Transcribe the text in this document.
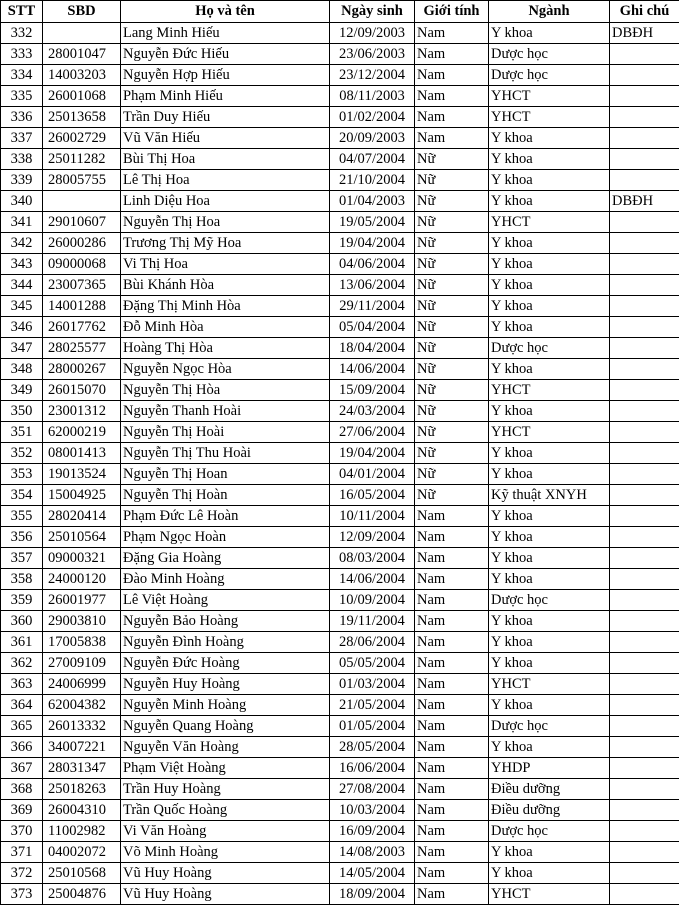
STT	SBD	Họ và tên	Ngày sinh	Giới tính	Ngành	Ghi chú
332		Lang Minh Hiếu	12/09/2003	Nam	Y khoa	DBĐH
333	28001047	Nguyễn Đức Hiếu	23/06/2003	Nam	Dược học	
334	14003203	Nguyễn Hợp Hiếu	23/12/2004	Nam	Dược học	
335	26001068	Phạm Minh Hiếu	08/11/2003	Nam	YHCT	
336	25013658	Trần Duy Hiếu	01/02/2004	Nam	YHCT	
337	26002729	Vũ Văn Hiếu	20/09/2003	Nam	Y khoa	
338	25011282	Bùi Thị Hoa	04/07/2004	Nữ	Y khoa	
339	28005755	Lê Thị Hoa	21/10/2004	Nữ	Y khoa	
340		Linh Diệu Hoa	01/04/2003	Nữ	Y khoa	DBĐH
341	29010607	Nguyễn Thị Hoa	19/05/2004	Nữ	YHCT	
342	26000286	Trương Thị Mỹ Hoa	19/04/2004	Nữ	Y khoa	
343	09000068	Vi Thị Hoa	04/06/2004	Nữ	Y khoa	
344	23007365	Bùi Khánh Hòa	13/06/2004	Nữ	Y khoa	
345	14001288	Đặng Thị Minh Hòa	29/11/2004	Nữ	Y khoa	
346	26017762	Đỗ Minh Hòa	05/04/2004	Nữ	Y khoa	
347	28025577	Hoàng Thị Hòa	18/04/2004	Nữ	Dược học	
348	28000267	Nguyễn Ngọc Hòa	14/06/2004	Nữ	Y khoa	
349	26015070	Nguyễn Thị Hòa	15/09/2004	Nữ	YHCT	
350	23001312	Nguyễn Thanh Hoài	24/03/2004	Nữ	Y khoa	
351	62000219	Nguyễn Thị Hoài	27/06/2004	Nữ	YHCT	
352	08001413	Nguyễn Thị Thu Hoài	19/04/2004	Nữ	Y khoa	
353	19013524	Nguyễn Thị Hoan	04/01/2004	Nữ	Y khoa	
354	15004925	Nguyễn Thị Hoàn	16/05/2004	Nữ	Kỹ thuật XNYH	
355	28020414	Phạm Đức Lê Hoàn	10/11/2004	Nam	Y khoa	
356	25010564	Phạm Ngọc Hoàn	12/09/2004	Nam	Y khoa	
357	09000321	Đặng Gia Hoàng	08/03/2004	Nam	Y khoa	
358	24000120	Đào Minh Hoàng	14/06/2004	Nam	Y khoa	
359	26001977	Lê Việt Hoàng	10/09/2004	Nam	Dược học	
360	29003810	Nguyễn Bảo Hoàng	19/11/2004	Nam	Y khoa	
361	17005838	Nguyễn Đình Hoàng	28/06/2004	Nam	Y khoa	
362	27009109	Nguyễn Đức Hoàng	05/05/2004	Nam	Y khoa	
363	24006999	Nguyễn Huy Hoàng	01/03/2004	Nam	YHCT	
364	62004382	Nguyễn Minh Hoàng	21/05/2004	Nam	Y khoa	
365	26013332	Nguyễn Quang Hoàng	01/05/2004	Nam	Dược học	
366	34007221	Nguyễn Văn Hoàng	28/05/2004	Nam	Y khoa	
367	28031347	Phạm Việt Hoàng	16/06/2004	Nam	YHDP	
368	25018263	Trần Huy Hoàng	27/08/2004	Nam	Điều dưỡng	
369	26004310	Trần Quốc Hoàng	10/03/2004	Nam	Điều dưỡng	
370	11002982	Vi Văn Hoàng	16/09/2004	Nam	Dược học	
371	04002072	Võ Minh Hoàng	14/08/2003	Nam	Y khoa	
372	25010568	Vũ Huy Hoàng	14/05/2004	Nam	Y khoa	
373	25004876	Vũ Huy Hoàng	18/09/2004	Nam	YHCT	
